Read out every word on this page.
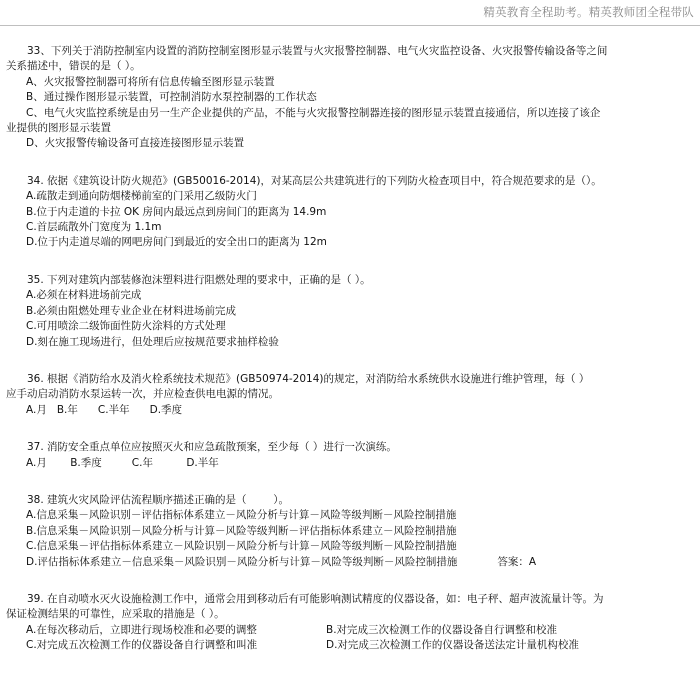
精英教育全程助考。精英教师团全程带队
33、下列关于消防控制室内设置的消防控制室图形显示装置与火灾报警控制器、电气火灾监控设备、火灾报警传输设备等之间
关系描述中，错误的是（ ）。
A、火灾报警控制器可将所有信息传输至图形显示装置
B、通过操作图形显示装置，可控制消防水泵控制器的工作状态
C、电气火灾监控系统是由另一生产企业提供的产品，不能与火灾报警控制器连接的图形显示装置直接通信，所以连接了该企
业提供的图形显示装置
D、火灾报警传输设备可直接连接图形显示装置
34. 依据《建筑设计防火规范》(GB50016-2014)，对某高层公共建筑进行的下列防火检查项目中，符合规范要求的是（）。
A.疏散走到通向防烟楼梯前室的门采用乙级防火门
B.位于内走道的卡拉 OK 房间内最远点到房间门的距离为 14.9m
C.首层疏散外门宽度为 1.1m
D.位于内走道尽端的网吧房间门到最近的安全出口的距离为 12m
35. 下列对建筑内部装修泡沫塑料进行阻燃处理的要求中，正确的是（ ）。
A.必须在材料进场前完成
B.必须由阻燃处理专业企业在材料进场前完成
C.可用喷涂二级饰面性防火涂料的方式处理
D.刻在施工现场进行，但处理后应按规范要求抽样检验
36. 根据《消防给水及消火栓系统技术规范》(GB50974-2014)的规定，对消防给水系统供水设施进行维护管理，每（ ）
应手动启动消防水泵运转一次，并应检查供电电源的情况。
A.月   B.年      C.半年      D.季度
37. 消防安全重点单位应按照灭火和应急疏散预案，至少每（ ）进行一次演练。
A.月       B.季度         C.年          D.半年
38. 建筑火灾风险评估流程顺序描述正确的是（        ）。
A.信息采集－风险识别－评估指标体系建立－风险分析与计算－风险等级判断－风险控制措施
B.信息采集－风险识别－风险分析与计算－风险等级判断－评估指标体系建立－风险控制措施
C.信息采集－评估指标体系建立－风险识别－风险分析与计算－风险等级判断－风险控制措施
D.评估指标体系建立－信息采集－风险识别－风险分析与计算－风险等级判断－风险控制措施	答案：A
39. 在自动喷水灭火设施检测工作中，通常会用到移动后有可能影响测试精度的仪器设备，如：电子秤、超声波流量计等。为
保证检测结果的可靠性，应采取的措施是（ ）。
A.在每次移动后，立即进行现场校准和必要的调整	B.对完成三次检测工作的仪器设备自行调整和校准
C.对完成五次检测工作的仪器设备自行调整和叫准	D.对完成三次检测工作的仪器设备送法定计量机构校准
